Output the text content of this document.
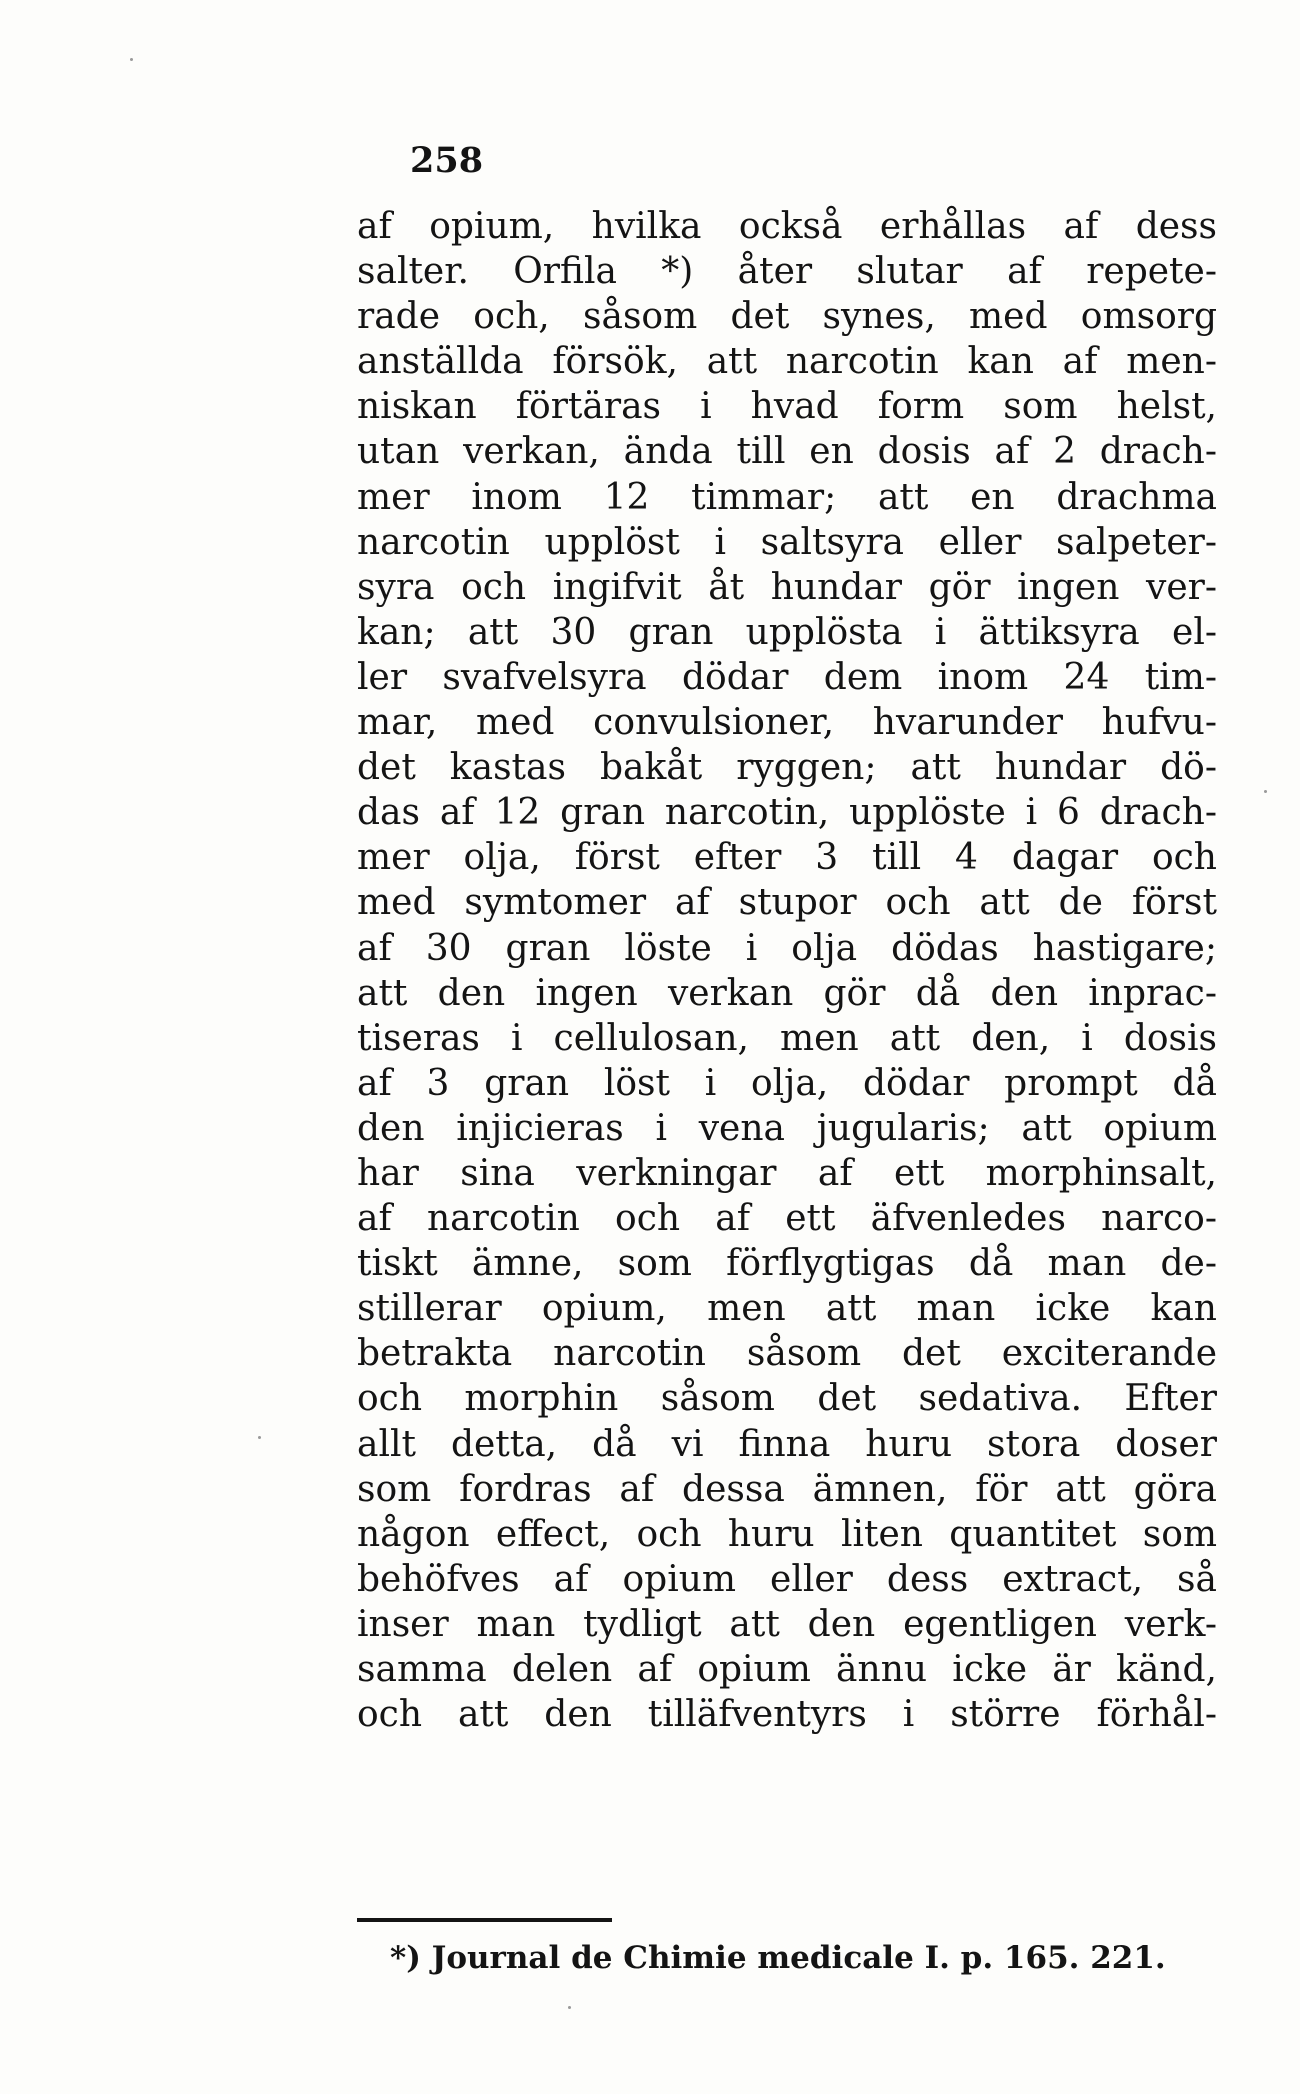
258

af opium, hvilka också erhållas af dess
salter. Orfila *) åter slutar af repete-
rade och, såsom det synes, med omsorg
anställda försök, att narcotin kan af men-
niskan förtäras i hvad form som helst,
utan verkan, ända till en dosis af 2 drach-
mer inom 12 timmar; att en drachma
narcotin upplöst i saltsyra eller salpeter-
syra och ingifvit åt hundar gör ingen ver-
kan; att 30 gran upplösta i ättiksyra el-
ler svafvelsyra dödar dem inom 24 tim-
mar, med convulsioner, hvarunder hufvu-
det kastas bakåt ryggen; att hundar dö-
das af 12 gran narcotin, upplöste i 6 drach-
mer olja, först efter 3 till 4 dagar och
med symtomer af stupor och att de först
af 30 gran löste i olja dödas hastigare;
att den ingen verkan gör då den inprac-
tiseras i cellulosan, men att den, i dosis
af 3 gran löst i olja, dödar prompt då
den injicieras i vena jugularis; att opium
har sina verkningar af ett morphinsalt,
af narcotin och af ett äfvenledes narco-
tiskt ämne, som förflygtigas då man de-
stillerar opium, men att man icke kan
betrakta narcotin såsom det exciterande
och morphin såsom det sedativa. Efter
allt detta, då vi finna huru stora doser
som fordras af dessa ämnen, för att göra
någon effect, och huru liten quantitet som
behöfves af opium eller dess extract, så
inser man tydligt att den egentligen verk-
samma delen af opium ännu icke är känd,
och att den tilläfventyrs i större förhål-

*) Journal de Chimie medicale I. p. 165. 221.
